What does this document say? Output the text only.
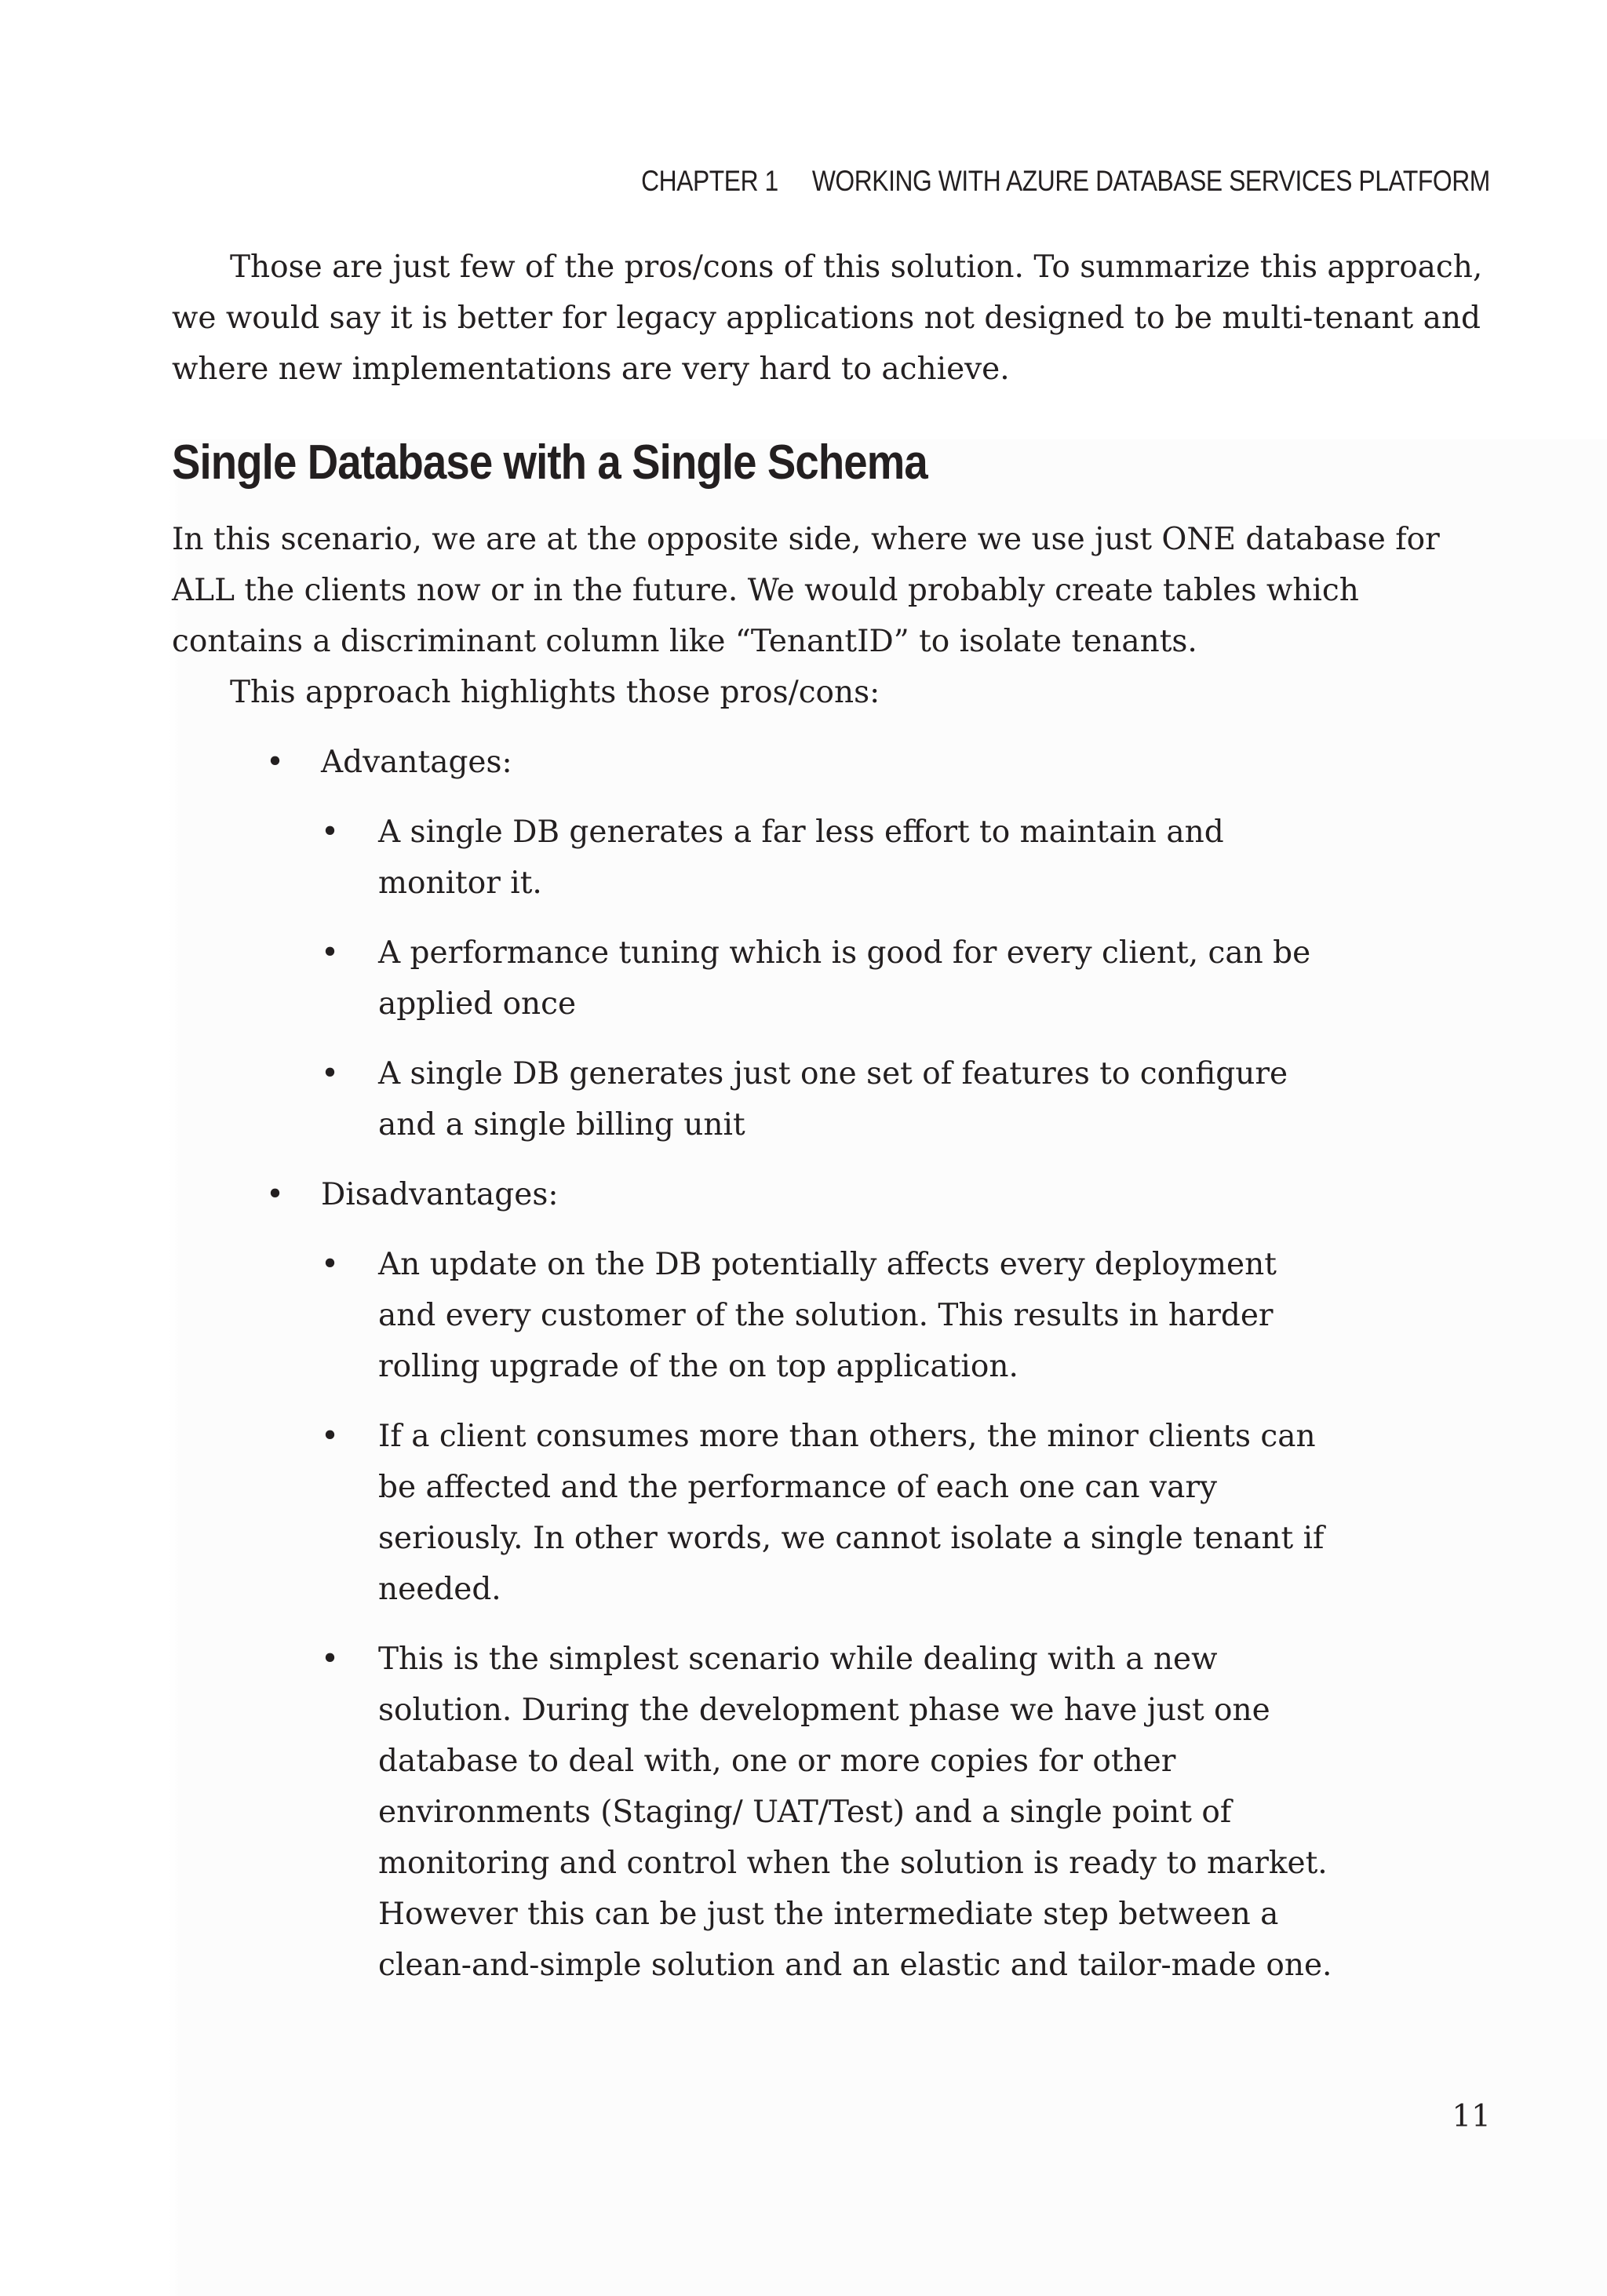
CHAPTER 1 WORKING WITH AZURE DATABASE SERVICES PLATFORM

Those are just few of the pros/cons of this solution. To summarize this approach, we would say it is better for legacy applications not designed to be multi-tenant and where new implementations are very hard to achieve.

Single Database with a Single Schema

In this scenario, we are at the opposite side, where we use just ONE database for ALL the clients now or in the future. We would probably create tables which contains a discriminant column like “TenantID” to isolate tenants.

This approach highlights those pros/cons:

• Advantages:
• A single DB generates a far less effort to maintain and monitor it.
• A performance tuning which is good for every client, can be applied once
• A single DB generates just one set of features to configure and a single billing unit
• Disadvantages:
• An update on the DB potentially affects every deployment and every customer of the solution. This results in harder rolling upgrade of the on top application.
• If a client consumes more than others, the minor clients can be affected and the performance of each one can vary seriously. In other words, we cannot isolate a single tenant if needed.
• This is the simplest scenario while dealing with a new solution. During the development phase we have just one database to deal with, one or more copies for other environments (Staging/ UAT/Test) and a single point of monitoring and control when the solution is ready to market. However this can be just the intermediate step between a clean-and-simple solution and an elastic and tailor-made one.
11
